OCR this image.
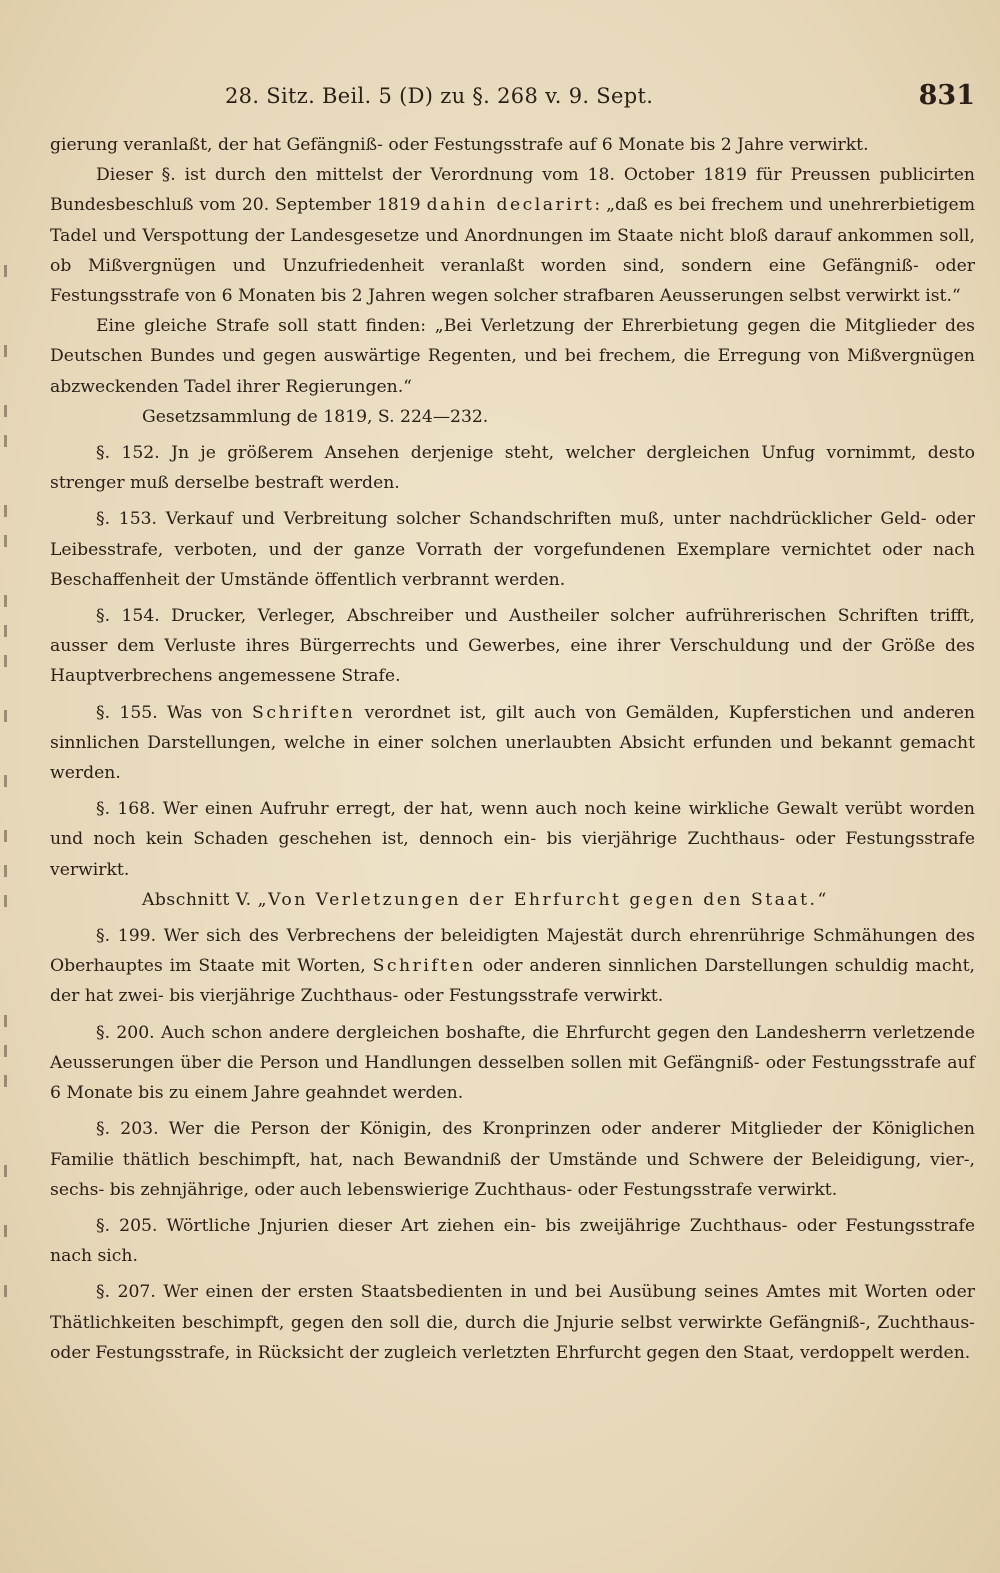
28. Sitz. Beil. 5 (D) zu §. 268 v. 9. Sept.	831

gierung veranlaßt, der hat Gefängniß- oder Festungsstrafe auf 6 Monate bis 2 Jahre verwirkt.

Dieser §. ist durch den mittelst der Verordnung vom 18. October 1819 für Preussen publicirten Bundesbeschluß vom 20. September 1819 dahin declarirt: „daß es bei frechem und unehrerbietigem Tadel und Verspottung der Landesgesetze und Anordnungen im Staate nicht bloß darauf ankommen soll, ob Mißvergnügen und Unzufriedenheit veranlaßt worden sind, sondern eine Gefängniß- oder Festungsstrafe von 6 Monaten bis 2 Jahren wegen solcher strafbaren Aeusserungen selbst verwirkt ist.“

Eine gleiche Strafe soll statt finden: „Bei Verletzung der Ehrerbietung gegen die Mitglieder des Deutschen Bundes und gegen auswärtige Regenten, und bei frechem, die Erregung von Mißvergnügen abzweckenden Tadel ihrer Regierungen.“

Gesetzsammlung de 1819, S. 224—232.

§. 152. Jn je größerem Ansehen derjenige steht, welcher dergleichen Unfug vornimmt, desto strenger muß derselbe bestraft werden.

§. 153. Verkauf und Verbreitung solcher Schandschriften muß, unter nachdrücklicher Geld- oder Leibesstrafe, verboten, und der ganze Vorrath der vorgefundenen Exemplare vernichtet oder nach Beschaffenheit der Umstände öffentlich verbrannt werden.

§. 154. Drucker, Verleger, Abschreiber und Austheiler solcher aufrührerischen Schriften trifft, ausser dem Verluste ihres Bürgerrechts und Gewerbes, eine ihrer Verschuldung und der Größe des Hauptverbrechens angemessene Strafe.

§. 155. Was von Schriften verordnet ist, gilt auch von Gemälden, Kupferstichen und anderen sinnlichen Darstellungen, welche in einer solchen unerlaubten Absicht erfunden und bekannt gemacht werden.

§. 168. Wer einen Aufruhr erregt, der hat, wenn auch noch keine wirkliche Gewalt verübt worden und noch kein Schaden geschehen ist, dennoch ein- bis vierjährige Zuchthaus- oder Festungsstrafe verwirkt.

Abschnitt V. „Von Verletzungen der Ehrfurcht gegen den Staat.“

§. 199. Wer sich des Verbrechens der beleidigten Majestät durch ehrenrührige Schmähungen des Oberhauptes im Staate mit Worten, Schriften oder anderen sinnlichen Darstellungen schuldig macht, der hat zwei- bis vierjährige Zuchthaus- oder Festungsstrafe verwirkt.

§. 200. Auch schon andere dergleichen boshafte, die Ehrfurcht gegen den Landesherrn verletzende Aeusserungen über die Person und Handlungen desselben sollen mit Gefängniß- oder Festungsstrafe auf 6 Monate bis zu einem Jahre geahndet werden.

§. 203. Wer die Person der Königin, des Kronprinzen oder anderer Mitglieder der Königlichen Familie thätlich beschimpft, hat, nach Bewandniß der Umstände und Schwere der Beleidigung, vier-, sechs- bis zehnjährige, oder auch lebenswierige Zuchthaus- oder Festungsstrafe verwirkt.

§. 205. Wörtliche Jnjurien dieser Art ziehen ein- bis zweijährige Zuchthaus- oder Festungsstrafe nach sich.

§. 207. Wer einen der ersten Staatsbedienten in und bei Ausübung seines Amtes mit Worten oder Thätlichkeiten beschimpft, gegen den soll die, durch die Jnjurie selbst verwirkte Gefängniß-, Zuchthaus- oder Festungsstrafe, in Rücksicht der zugleich verletzten Ehrfurcht gegen den Staat, verdoppelt werden.
